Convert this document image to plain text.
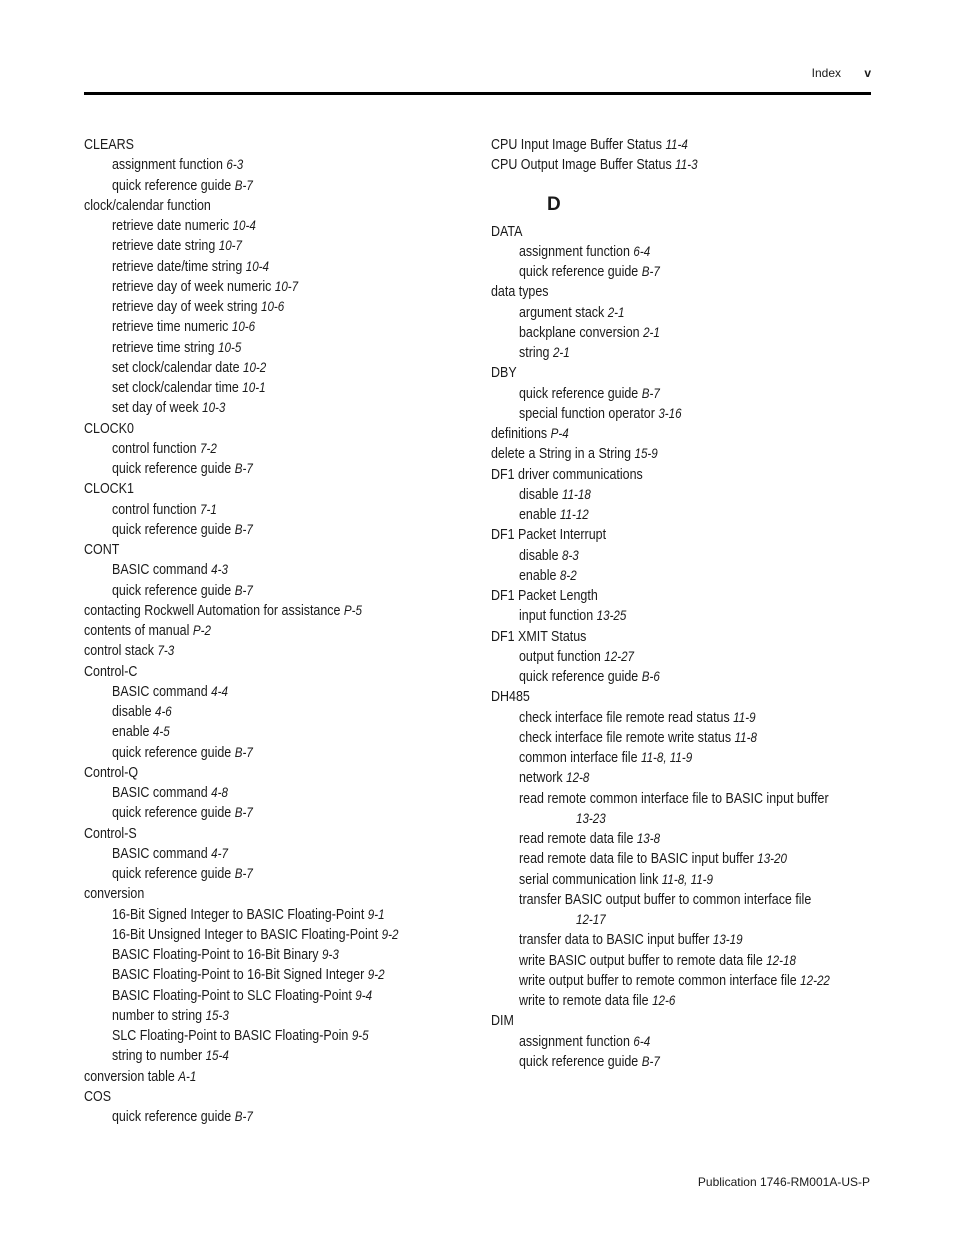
Index v
CLEARS
assignment function 6-3
quick reference guide B-7
clock/calendar function
retrieve date numeric 10-4
retrieve date string 10-7
retrieve date/time string 10-4
retrieve day of week numeric 10-7
retrieve day of week string 10-6
retrieve time numeric 10-6
retrieve time string 10-5
set clock/calendar date 10-2
set clock/calendar time 10-1
set day of week 10-3
CLOCK0
control function 7-2
quick reference guide B-7
CLOCK1
control function 7-1
quick reference guide B-7
CONT
BASIC command 4-3
quick reference guide B-7
contacting Rockwell Automation for assistance P-5
contents of manual P-2
control stack 7-3
Control-C
BASIC command 4-4
disable 4-6
enable 4-5
quick reference guide B-7
Control-Q
BASIC command 4-8
quick reference guide B-7
Control-S
BASIC command 4-7
quick reference guide B-7
conversion
16-Bit Signed Integer to BASIC Floating-Point 9-1
16-Bit Unsigned Integer to BASIC Floating-Point 9-2
BASIC Floating-Point to 16-Bit Binary 9-3
BASIC Floating-Point to 16-Bit Signed Integer 9-2
BASIC Floating-Point to SLC Floating-Point 9-4
number to string 15-3
SLC Floating-Point to BASIC Floating-Poin 9-5
string to number 15-4
conversion table A-1
COS
quick reference guide B-7
CPU Input Image Buffer Status 11-4
CPU Output Image Buffer Status 11-3
D
DATA
assignment function 6-4
quick reference guide B-7
data types
argument stack 2-1
backplane conversion 2-1
string 2-1
DBY
quick reference guide B-7
special function operator 3-16
definitions P-4
delete a String in a String 15-9
DF1 driver communications
disable 11-18
enable 11-12
DF1 Packet Interrupt
disable 8-3
enable 8-2
DF1 Packet Length
input function 13-25
DF1 XMIT Status
output function 12-27
quick reference guide B-6
DH485
check interface file remote read status 11-9
check interface file remote write status 11-8
common interface file 11-8, 11-9
network 12-8
read remote common interface file to BASIC input buffer
13-23
read remote data file 13-8
read remote data file to BASIC input buffer 13-20
serial communication link 11-8, 11-9
transfer BASIC output buffer to common interface file
12-17
transfer data to BASIC input buffer 13-19
write BASIC output buffer to remote data file 12-18
write output buffer to remote common interface file 12-22
write to remote data file 12-6
DIM
assignment function 6-4
quick reference guide B-7
Publication 1746-RM001A-US-P
